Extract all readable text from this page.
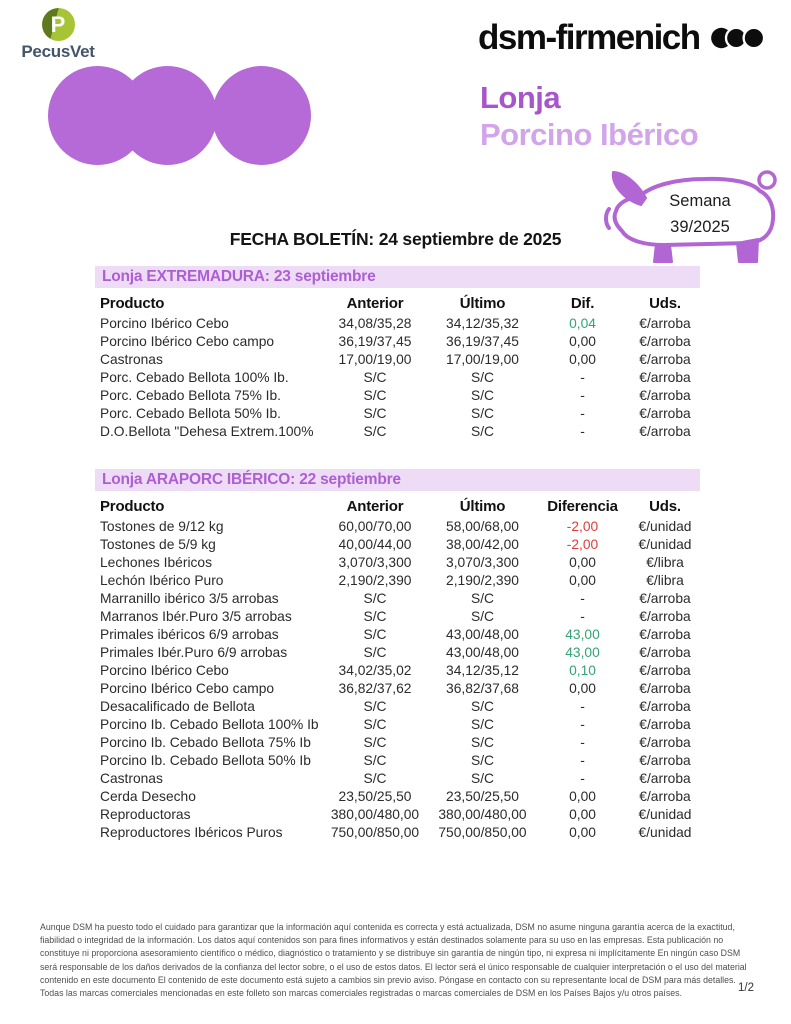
P
PecusVet	dsm-firmenich
Lonja
Porcino Ibérico
Semana
39/2025
FECHA BOLETÍN: 24 septiembre de 2025
Lonja EXTREMADURA: 23 septiembre
Producto	Anterior	Último	Dif.	Uds.
Porcino Ibérico Cebo	34,08/35,28	34,12/35,32	0,04	€/arroba
Porcino Ibérico Cebo campo	36,19/37,45	36,19/37,45	0,00	€/arroba
Castronas	17,00/19,00	17,00/19,00	0,00	€/arroba
Porc. Cebado Bellota 100% Ib.	S/C	S/C	-	€/arroba
Porc. Cebado Bellota 75% Ib.	S/C	S/C	-	€/arroba
Porc. Cebado Bellota 50% Ib.	S/C	S/C	-	€/arroba
D.O.Bellota "Dehesa Extrem.100%	S/C	S/C	-	€/arroba
Lonja ARAPORC IBÉRICO: 22 septiembre
Producto	Anterior	Último	Diferencia	Uds.
Tostones de 9/12 kg	60,00/70,00	58,00/68,00	-2,00	€/unidad
Tostones de 5/9 kg	40,00/44,00	38,00/42,00	-2,00	€/unidad
Lechones Ibéricos	3,070/3,300	3,070/3,300	0,00	€/libra
Lechón Ibérico Puro	2,190/2,390	2,190/2,390	0,00	€/libra
Marranillo ibérico 3/5 arrobas	S/C	S/C	-	€/arroba
Marranos Ibér.Puro 3/5 arrobas	S/C	S/C	-	€/arroba
Primales ibéricos 6/9 arrobas	S/C	43,00/48,00	43,00	€/arroba
Primales Ibér.Puro 6/9 arrobas	S/C	43,00/48,00	43,00	€/arroba
Porcino Ibérico Cebo	34,02/35,02	34,12/35,12	0,10	€/arroba
Porcino Ibérico Cebo campo	36,82/37,62	36,82/37,68	0,00	€/arroba
Desacalificado de Bellota	S/C	S/C	-	€/arroba
Porcino Ib. Cebado Bellota 100% Ib	S/C	S/C	-	€/arroba
Porcino Ib. Cebado Bellota 75% Ib	S/C	S/C	-	€/arroba
Porcino Ib. Cebado Bellota 50% Ib	S/C	S/C	-	€/arroba
Castronas	S/C	S/C	-	€/arroba
Cerda Desecho	23,50/25,50	23,50/25,50	0,00	€/arroba
Reproductoras	380,00/480,00	380,00/480,00	0,00	€/unidad
Reproductores Ibéricos Puros	750,00/850,00	750,00/850,00	0,00	€/unidad
Aunque DSM ha puesto todo el cuidado para garantizar que la información aquí contenida es correcta y está actualizada, DSM no asume ninguna garantía acerca de la exactitud, fiabilidad o integridad de la información. Los datos aquí contenidos son para fines informativos y están destinados solamente para su uso en las empresas. Esta publicación no constituye ni proporciona asesoramiento científico o médico, diagnóstico o tratamiento y se distribuye sin garantía de ningún tipo, ni expresa ni implícitamente En ningún caso DSM será responsable de los daños derivados de la confianza del lector sobre, o el uso de estos datos. El lector será el único responsable de cualquier interpretación o el uso del material contenido en este documento El contenido de este documento está sujeto a cambios sin previo aviso. Póngase en contacto con su representante local de DSM para más detalles. Todas las marcas comerciales mencionadas en este folleto son marcas comerciales registradas o marcas comerciales de DSM en los Países Bajos y/u otros países.	1/2
